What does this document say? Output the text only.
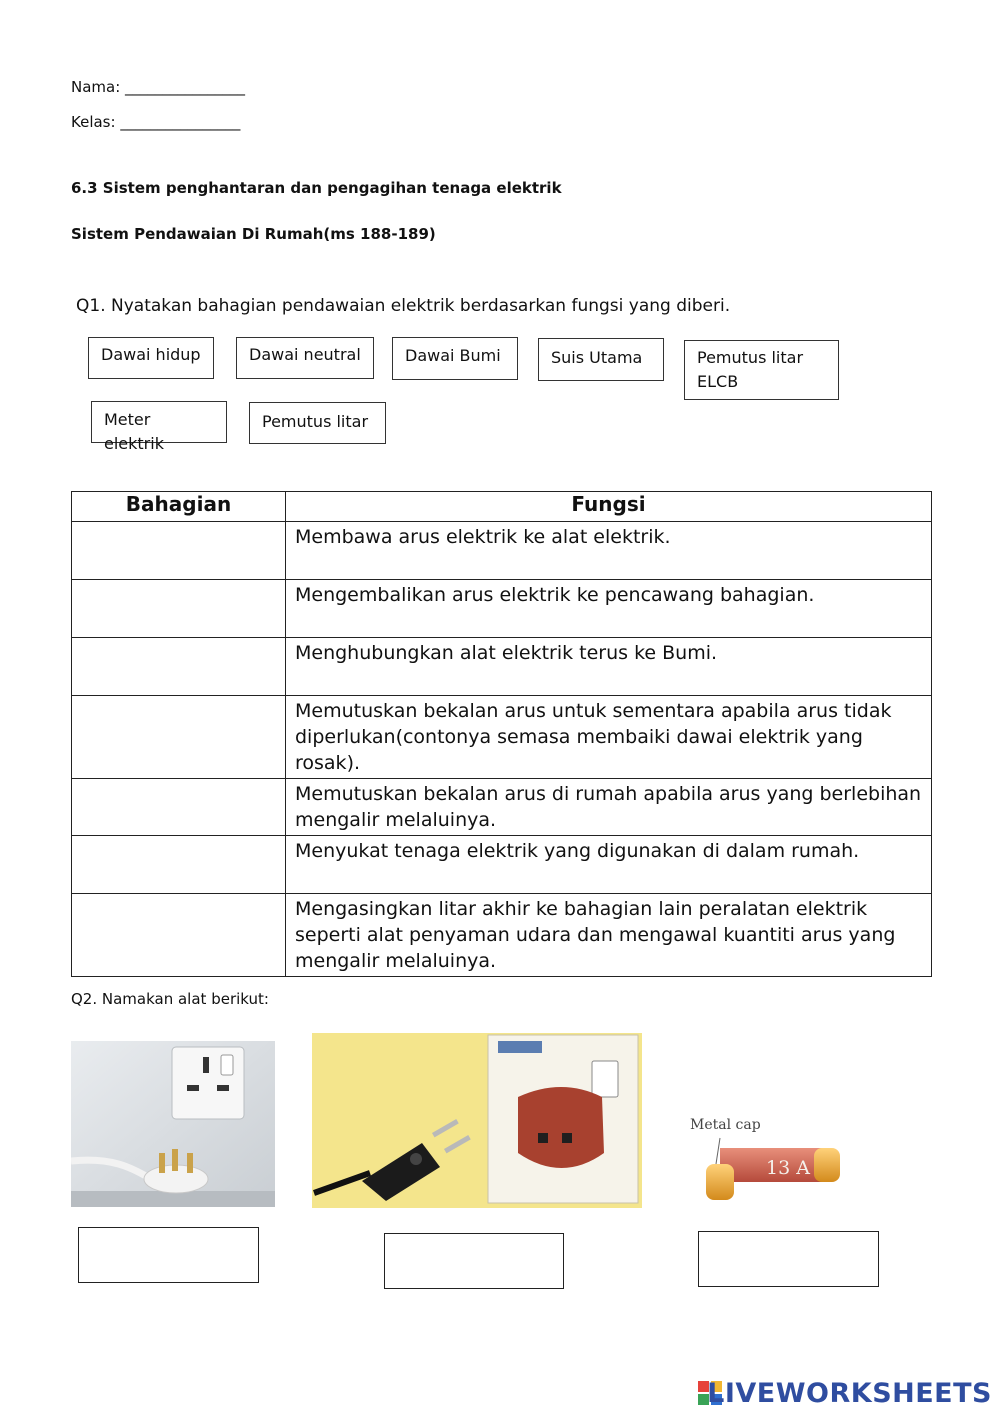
Nama: ________________
Kelas: ________________
6.3 Sistem penghantaran dan pengagihan tenaga elektrik
Sistem Pendawaian Di Rumah(ms 188-189)
Q1. Nyatakan bahagian pendawaian elektrik berdasarkan fungsi yang diberi.
Dawai hidup	Dawai neutral	Dawai Bumi	Suis Utama	Pemutus litar ELCB
Meter elektrik
Pemutus litar
Bahagian	Fungsi
	Membawa arus elektrik ke alat elektrik.
	Mengembalikan arus elektrik ke pencawang bahagian.
	Menghubungkan alat elektrik terus ke Bumi.
	Memutuskan bekalan arus untuk sementara apabila arus tidak diperlukan(contonya semasa membaiki dawai elektrik yang rosak).
	Memutuskan bekalan arus di rumah apabila arus yang berlebihan mengalir melaluinya.
	Menyukat tenaga elektrik yang digunakan di dalam rumah.
	Mengasingkan litar akhir ke bahagian lain peralatan elektrik seperti alat penyaman udara dan mengawal kuantiti arus yang mengalir melaluinya.
Q2. Namakan alat berikut:
Metal cap
13 A
LIVEWORKSHEETS
